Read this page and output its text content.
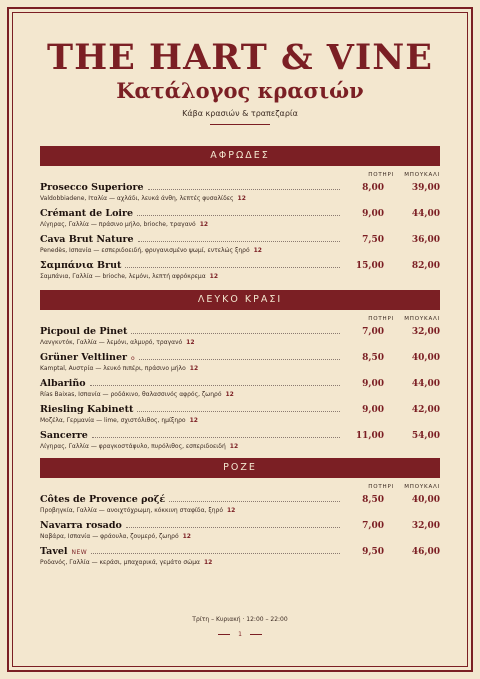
THE HART & VINE
Κατάλογος κρασιών
Κάβα κρασιών & τραπεζαρία
ΑΦΡΩΔΕΣ
ΠΟΤΗΡΙ ΜΠΟΥΚΑΛΙ
Prosecco Superiore	8,00	39,00
Valdobbiadene, Ιταλία — αχλάδι, λευκά άνθη, λεπτές φυσαλίδες 12
Crémant de Loire	9,00	44,00
Λίγηρας, Γαλλία — πράσινο μήλο, brioche, τραγανό 12
Cava Brut Nature	7,50	36,00
Penedès, Ισπανία — εσπεριδοειδή, φρυγανισμένο ψωμί, εντελώς ξηρό 12
Σαμπάνια Brut	15,00	82,00
Σαμπάνια, Γαλλία — brioche, λεμόνι, λεπτή αφρόκρεμα 12
ΛΕΥΚΟ ΚΡΑΣΙ
ΠΟΤΗΡΙ ΜΠΟΥΚΑΛΙ
Picpoul de Pinet	7,00	32,00
Λανγκντόκ, Γαλλία — λεμόνι, αλμυρό, τραγανό 12
Grüner Veltliner ο	8,50	40,00
Kamptal, Αυστρία — λευκό πιπέρι, πράσινο μήλο 12
Albariño	9,00	44,00
Rías Baixas, Ισπανία — ροδάκινο, θαλασσινός αφρός, ζωηρό 12
Riesling Kabinett	9,00	42,00
Μοζέλα, Γερμανία — lime, σχιστόλιθος, ημίξηρο 12
Sancerre	11,00	54,00
Λίγηρας, Γαλλία — φραγκοστάφυλο, πυρόλιθος, εσπεριδοειδή 12
ΡΟΖΕ
ΠΟΤΗΡΙ ΜΠΟΥΚΑΛΙ
Côtes de Provence ροζέ	8,50	40,00
Προβηγκία, Γαλλία — ανοιχτόχρωμη, κόκκινη σταφίδα, ξηρό 12
Navarra rosado	7,00	32,00
Ναβάρα, Ισπανία — φράουλα, ζουμερό, ζωηρό 12
Tavel NEW	9,50	46,00
Ροδανός, Γαλλία — κεράσι, μπαχαρικά, γεμάτο σώμα 12
Τρίτη – Κυριακή · 12:00 – 22:00
1
